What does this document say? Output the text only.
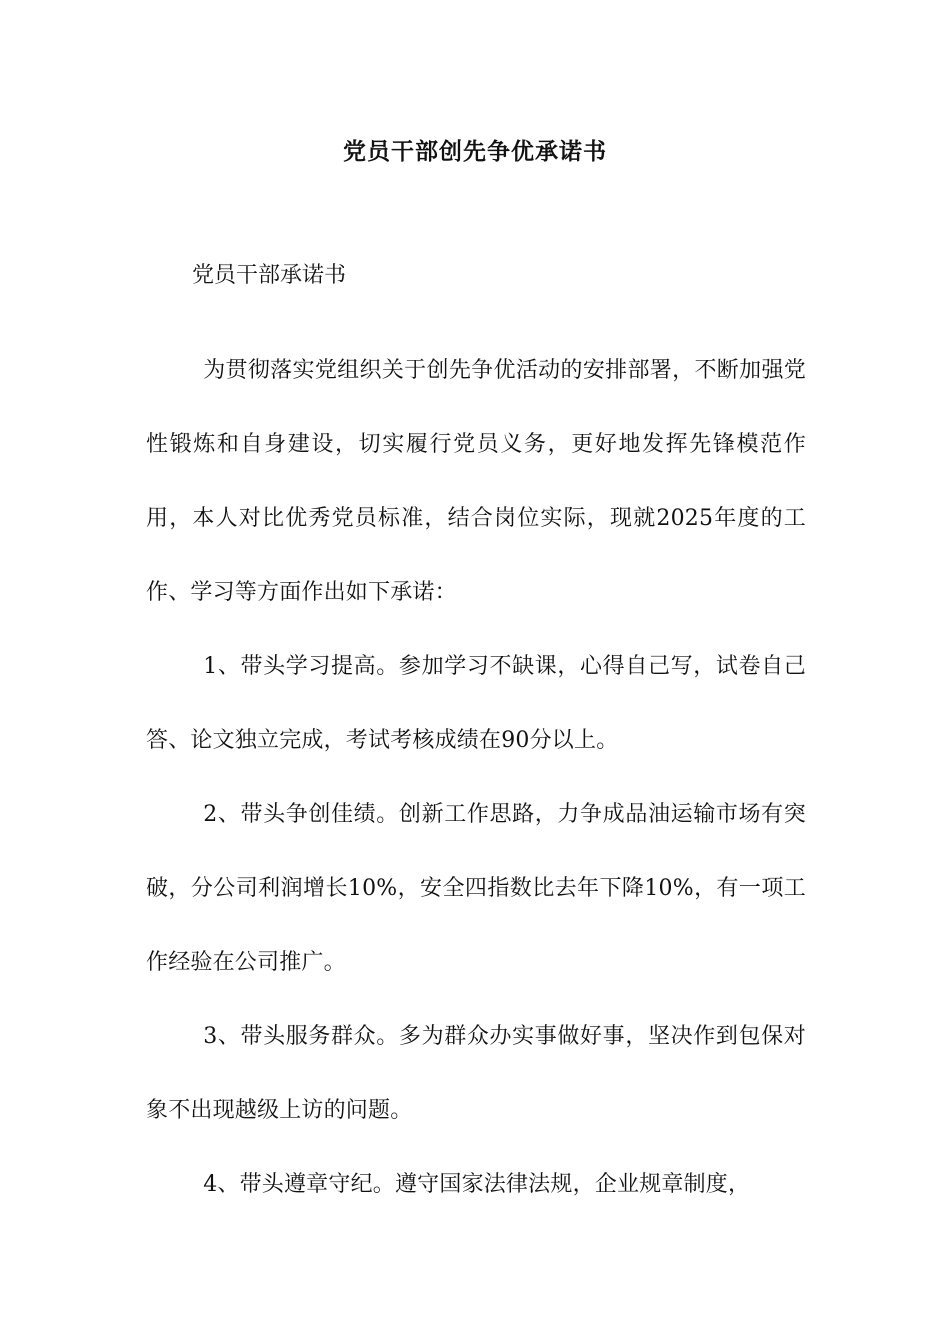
党员干部创先争优承诺书
党员干部承诺书

为贯彻落实党组织关于创先争优活动的安排部署，不断加强党性锻炼和自身建设，切实履行党员义务，更好地发挥先锋模范作用，本人对比优秀党员标准，结合岗位实际，现就2025年度的工作、学习等方面作出如下承诺：

1、带头学习提高。参加学习不缺课，心得自己写，试卷自己答、论文独立完成，考试考核成绩在90分以上。

2、带头争创佳绩。创新工作思路，力争成品油运输市场有突破，分公司利润增长10%，安全四指数比去年下降10%，有一项工作经验在公司推广。

3、带头服务群众。多为群众办实事做好事，坚决作到包保对象不出现越级上访的问题。

4、带头遵章守纪。遵守国家法律法规，企业规章制度，
